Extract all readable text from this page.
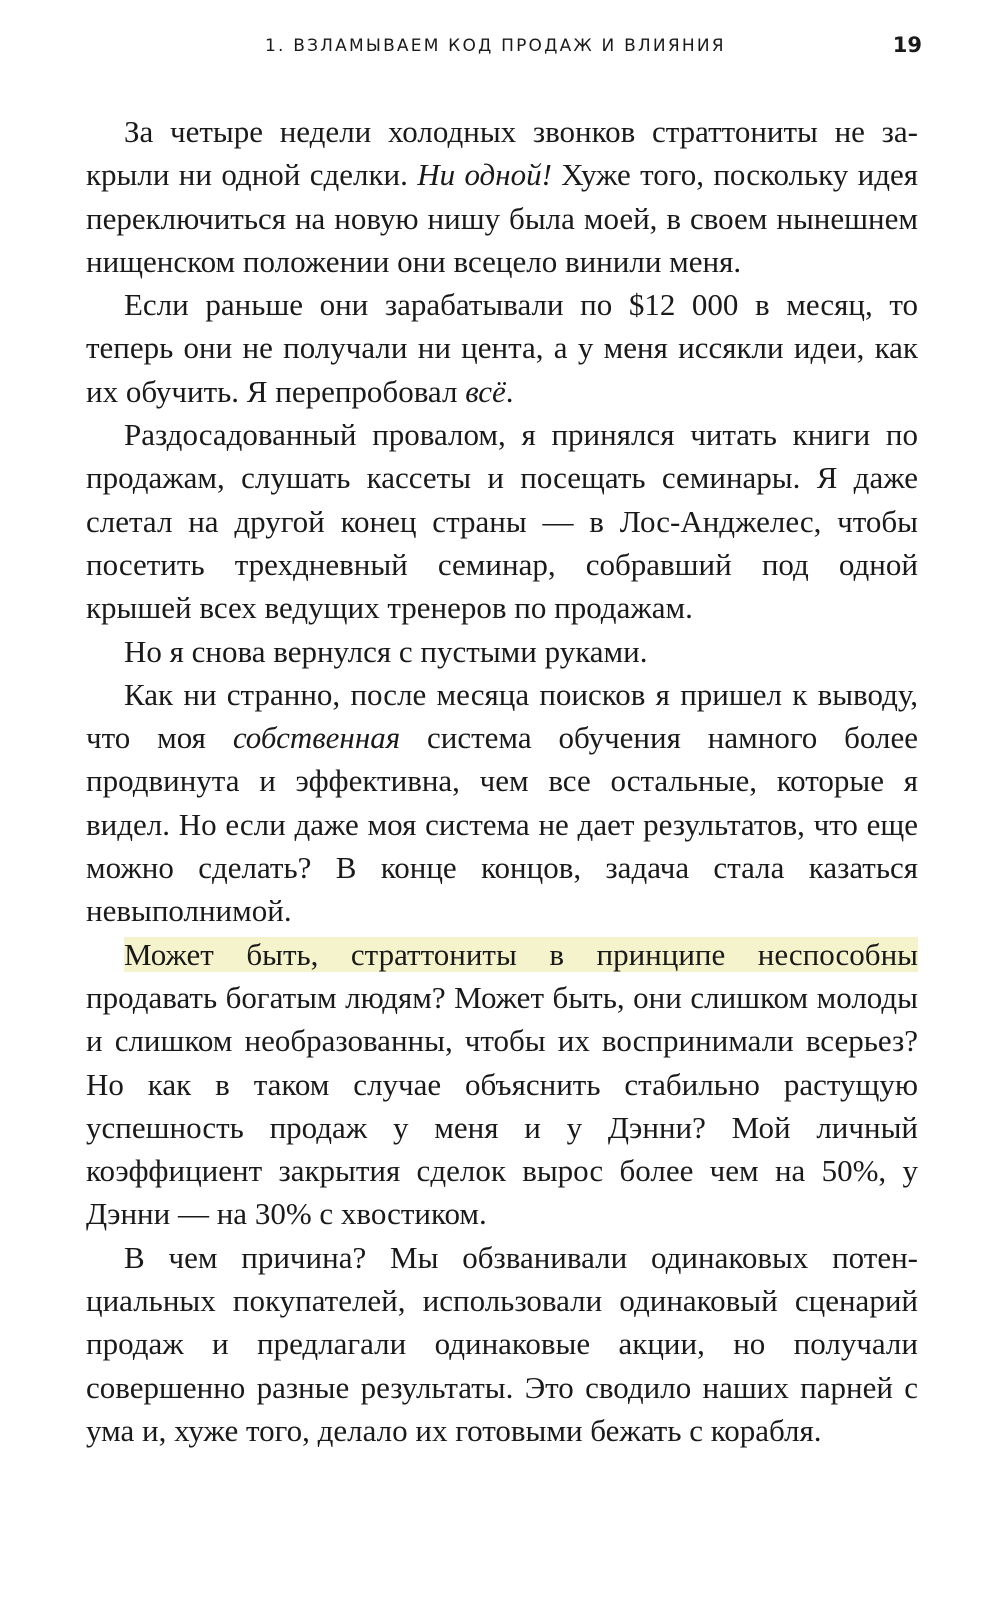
1. ВЗЛАМЫВАЕМ КОД ПРОДАЖ И ВЛИЯНИЯ	19

За четыре недели холодных звонков страттониты не закрыли ни одной сделки. Ни одной! Хуже того, поскольку идея переключиться на новую нишу была моей, в своем нынешнем нищенском положении они всецело винили меня.

Если раньше они зарабатывали по $12 000 в месяц, то теперь они не получали ни цента, а у меня иссякли идеи, как их обучить. Я перепробовал всё.

Раздосадованный провалом, я принялся читать книги по продажам, слушать кассеты и посещать семинары. Я даже слетал на другой конец страны — в Лос-Анджелес, чтобы посетить трехдневный семинар, собравший под одной крышей всех ведущих тренеров по продажам.

Но я снова вернулся с пустыми руками.

Как ни странно, после месяца поисков я пришел к выводу, что моя собственная система обучения намного более продвинута и эффективна, чем все остальные, которые я видел. Но если даже моя система не дает результатов, что еще можно сделать? В конце концов, задача стала казаться невыполнимой.

Может быть, страттониты в принципе неспособны продавать богатым людям? Может быть, они слишком молоды и слишком необразованны, чтобы их воспринимали всерьез? Но как в таком случае объяснить стабильно растущую успешность продаж у меня и у Дэнни? Мой личный коэффициент закрытия сделок вырос более чем на 50%, у Дэнни — на 30% с хвостиком.

В чем причина? Мы обзванивали одинаковых потенциальных покупателей, использовали одинаковый сценарий продаж и предлагали одинаковые акции, но получали совершенно разные результаты. Это сводило наших парней с ума и, хуже того, делало их готовыми бежать с корабля.
